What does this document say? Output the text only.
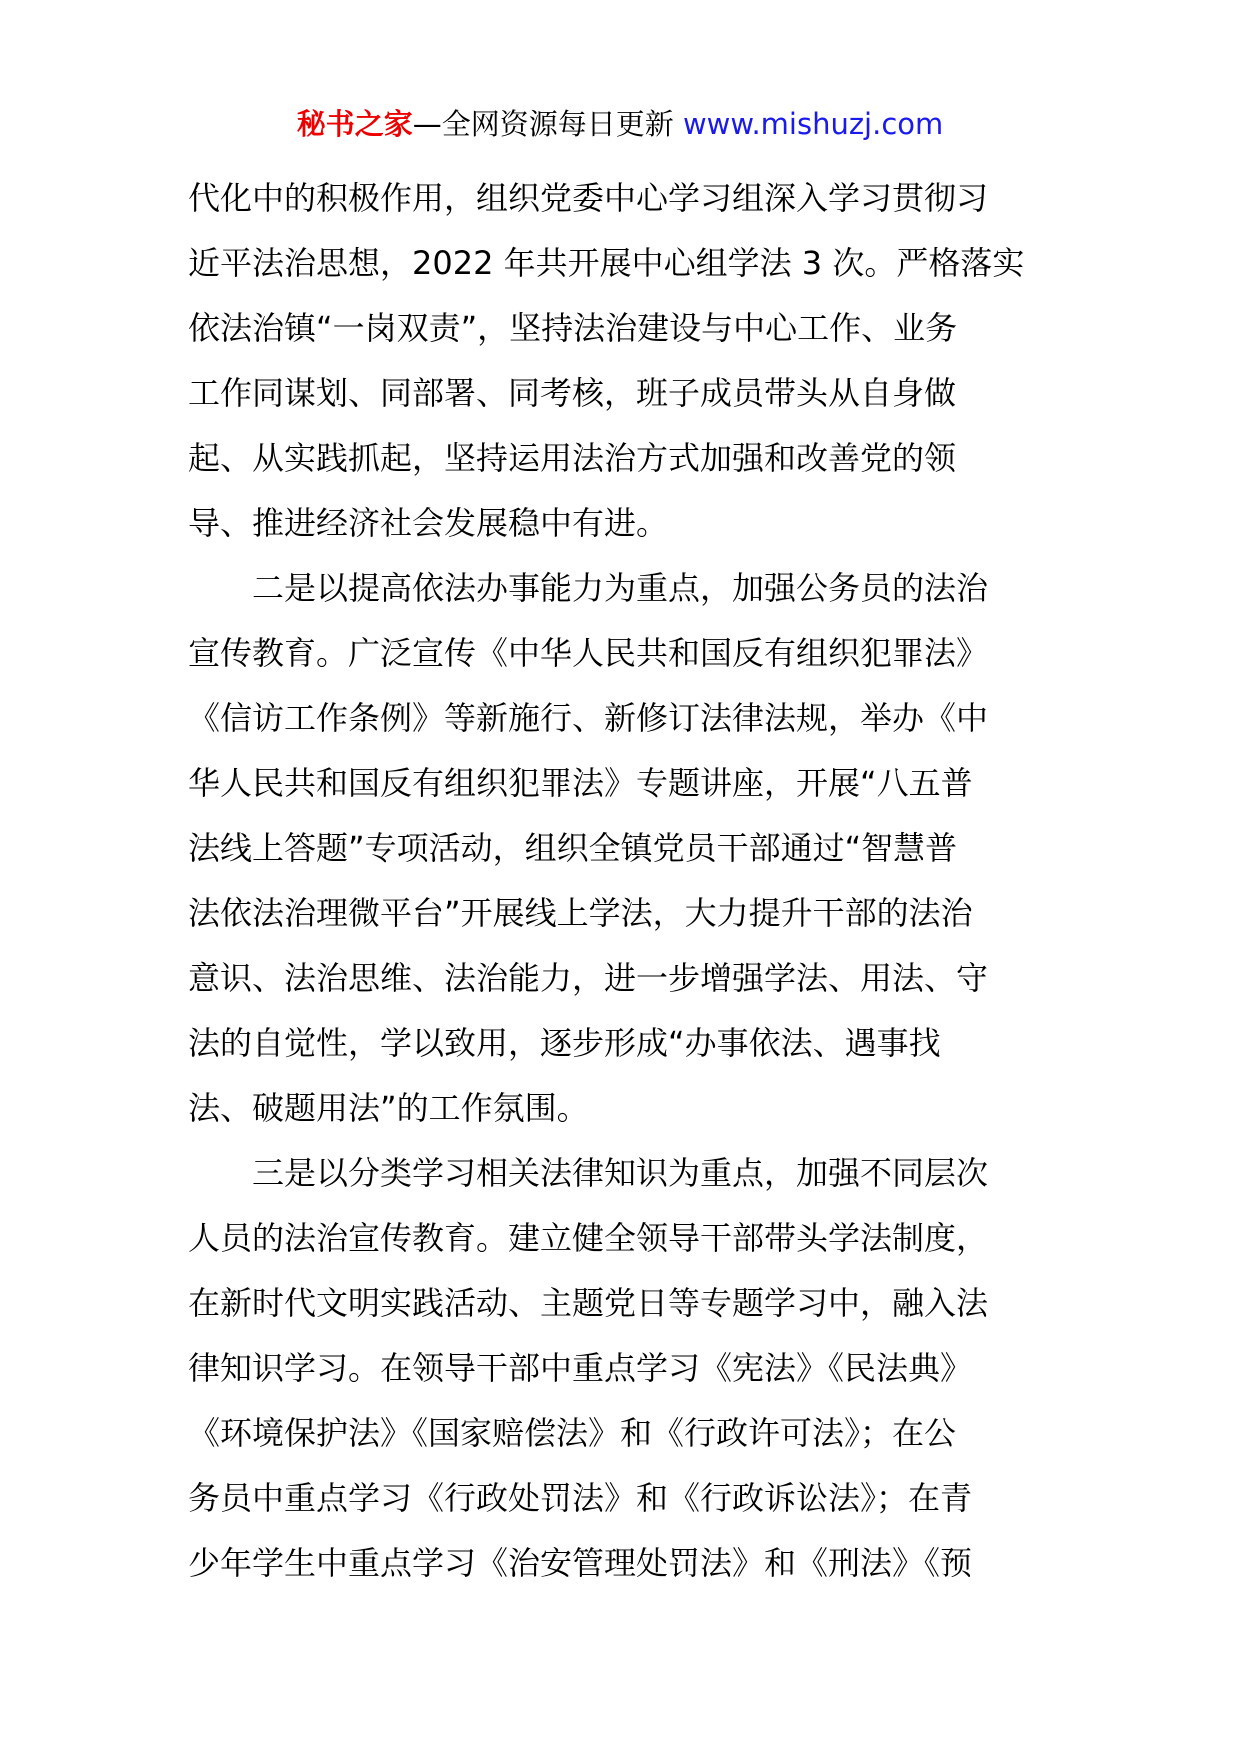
秘书之家—全网资源每日更新 www.mishuzj.com
代化中的积极作用，组织党委中心学习组深入学习贯彻习
近平法治思想，2022 年共开展中心组学法 3 次。严格落实
依法治镇“一岗双责”，坚持法治建设与中心工作、业务
工作同谋划、同部署、同考核，班子成员带头从自身做
起、从实践抓起，坚持运用法治方式加强和改善党的领
导、推进经济社会发展稳中有进。
　　二是以提高依法办事能力为重点，加强公务员的法治
宣传教育。广泛宣传《中华人民共和国反有组织犯罪法》
《信访工作条例》等新施行、新修订法律法规，举办《中
华人民共和国反有组织犯罪法》专题讲座，开展“八五普
法线上答题”专项活动，组织全镇党员干部通过“智慧普
法依法治理微平台”开展线上学法，大力提升干部的法治
意识、法治思维、法治能力，进一步增强学法、用法、守
法的自觉性，学以致用，逐步形成“办事依法、遇事找
法、破题用法”的工作氛围。
　　三是以分类学习相关法律知识为重点，加强不同层次
人员的法治宣传教育。建立健全领导干部带头学法制度，
在新时代文明实践活动、主题党日等专题学习中，融入法
律知识学习。在领导干部中重点学习《宪法》《民法典》
《环境保护法》《国家赔偿法》和《行政许可法》；在公
务员中重点学习《行政处罚法》和《行政诉讼法》；在青
少年学生中重点学习《治安管理处罚法》和《刑法》《预
